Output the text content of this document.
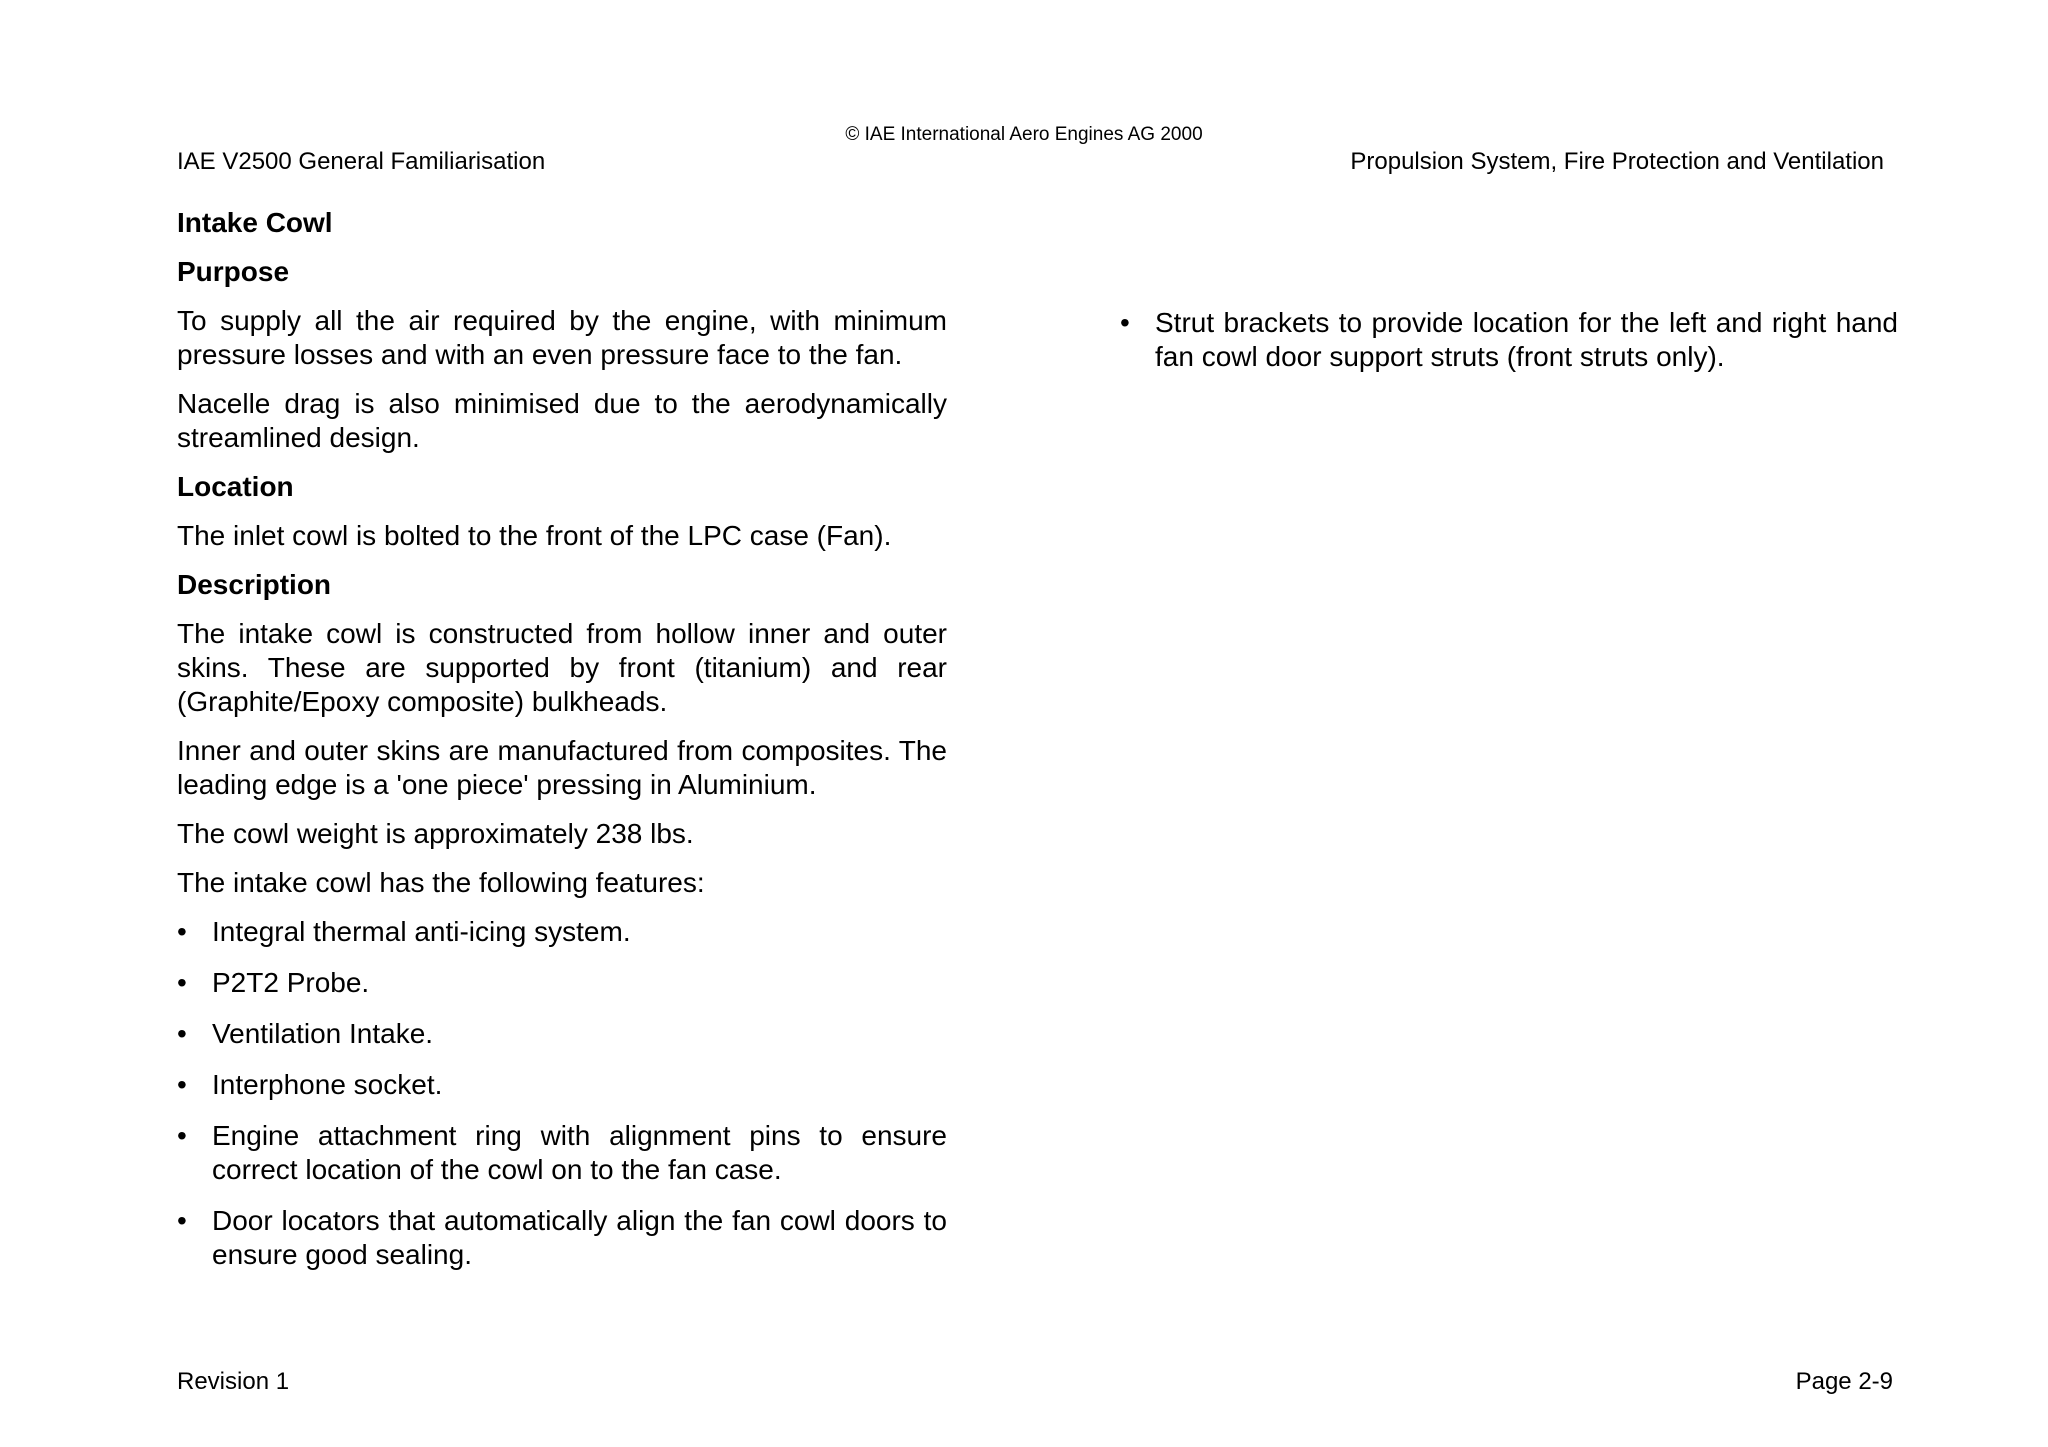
© IAE International Aero Engines AG 2000

IAE V2500 General Familiarisation	Propulsion System, Fire Protection and Ventilation

Intake Cowl
Purpose

To supply all the air required by the engine, with minimum pressure losses and with an even pressure face to the fan.

Nacelle drag is also minimised due to the aerodynamically streamlined design.

Location

The inlet cowl is bolted to the front of the LPC case (Fan).

Description

The intake cowl is constructed from hollow inner and outer skins. These are supported by front (titanium) and rear (Graphite/Epoxy composite) bulkheads.

Inner and outer skins are manufactured from composites. The leading edge is a 'one piece' pressing in Aluminium.

The cowl weight is approximately 238 lbs.

The intake cowl has the following features:

• Integral thermal anti-icing system.
• P2T2 Probe.
• Ventilation Intake.
• Interphone socket.
• Engine attachment ring with alignment pins to ensure correct location of the cowl on to the fan case.
• Door locators that automatically align the fan cowl doors to ensure good sealing.
• Strut brackets to provide location for the left and right hand fan cowl door support struts (front struts only).

Revision 1	Page 2-9
